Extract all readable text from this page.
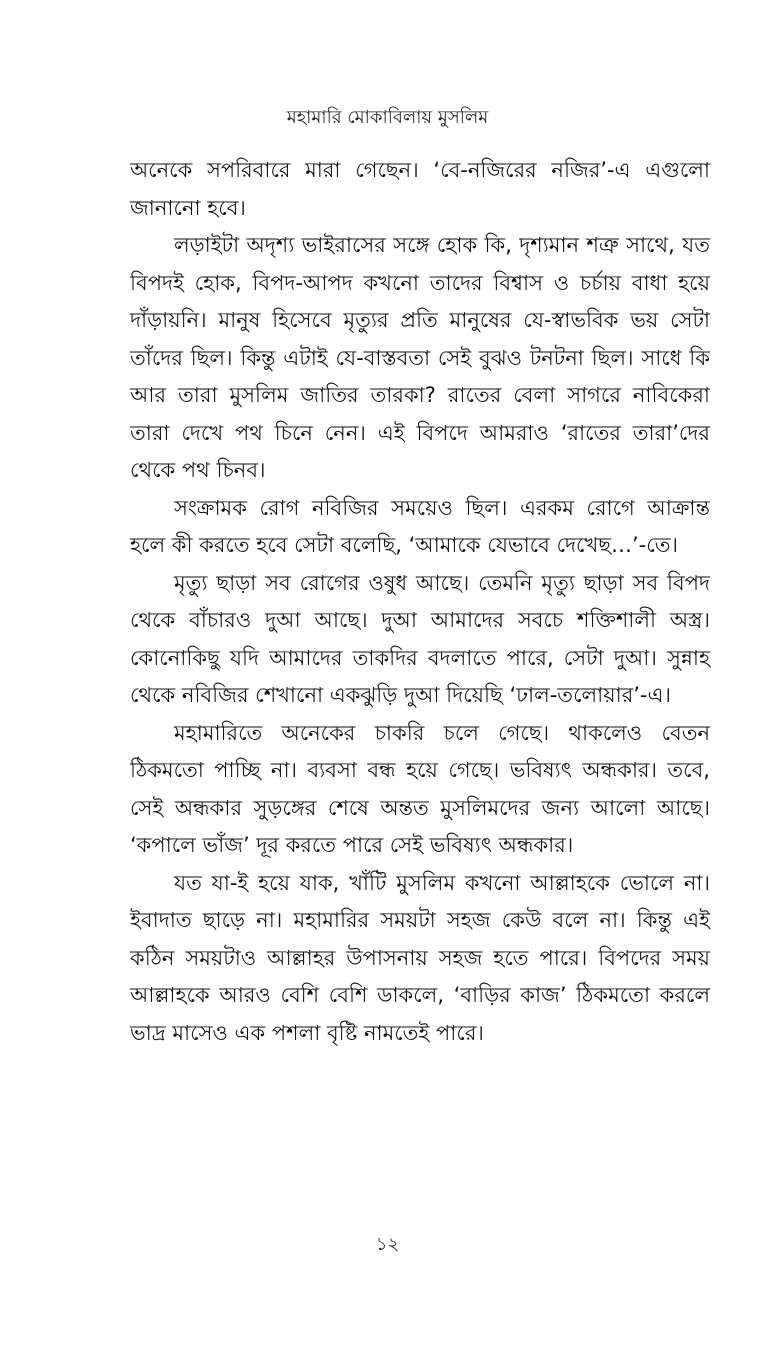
মহামারি মোকাবিলায় মুসলিম

অনেকে সপরিবারে মারা গেছেন। ‘বে-নজিরের নজির’-এ এগুলো জানানো হবে।

লড়াইটা অদৃশ্য ভাইরাসের সঙ্গে হোক কি, দৃশ্যমান শত্রু সাথে, যত বিপদই হোক, বিপদ-আপদ কখনো তাদের বিশ্বাস ও চর্চায় বাধা হয়ে দাঁড়ায়নি। মানুষ হিসেবে মৃত্যুর প্রতি মানুষের যে-স্বাভবিক ভয় সেটা তাঁদের ছিল। কিন্তু এটাই যে-বাস্তবতা সেই বুঝও টনটনা ছিল। সাধে কি আর তারা মুসলিম জাতির তারকা? রাতের বেলা সাগরে নাবিকেরা তারা দেখে পথ চিনে নেন। এই বিপদে আমরাও ‘রাতের তারা’দের থেকে পথ চিনব।

সংক্রামক রোগ নবিজির সময়েও ছিল। এরকম রোগে আক্রান্ত হলে কী করতে হবে সেটা বলেছি, ‘আমাকে যেভাবে দেখেছ…’-তে।

মৃত্যু ছাড়া সব রোগের ওষুধ আছে। তেমনি মৃত্যু ছাড়া সব বিপদ থেকে বাঁচারও দুআ আছে। দুআ আমাদের সবচে শক্তিশালী অস্ত্র। কোনোকিছু যদি আমাদের তাকদির বদলাতে পারে, সেটা দুআ। সুন্নাহ থেকে নবিজির শেখানো একঝুড়ি দুআ দিয়েছি ‘ঢাল-তলোয়ার’-এ।

মহামারিতে অনেকের চাকরি চলে গেছে। থাকলেও বেতন ঠিকমতো পাচ্ছি না। ব্যবসা বন্ধ হয়ে গেছে। ভবিষ্যৎ অন্ধকার। তবে, সেই অন্ধকার সুড়ঙ্গের শেষে অন্তত মুসলিমদের জন্য আলো আছে। ‘কপালে ভাঁজ’ দূর করতে পারে সেই ভবিষ্যৎ অন্ধকার।

যত যা-ই হয়ে যাক, খাঁটি মুসলিম কখনো আল্লাহকে ভোলে না। ইবাদাত ছাড়ে না। মহামারির সময়টা সহজ কেউ বলে না। কিন্তু এই কঠিন সময়টাও আল্লাহর উপাসনায় সহজ হতে পারে। বিপদের সময় আল্লাহকে আরও বেশি বেশি ডাকলে, ‘বাড়ির কাজ’ ঠিকমতো করলে ভাদ্র মাসেও এক পশলা বৃষ্টি নামতেই পারে।

১২
